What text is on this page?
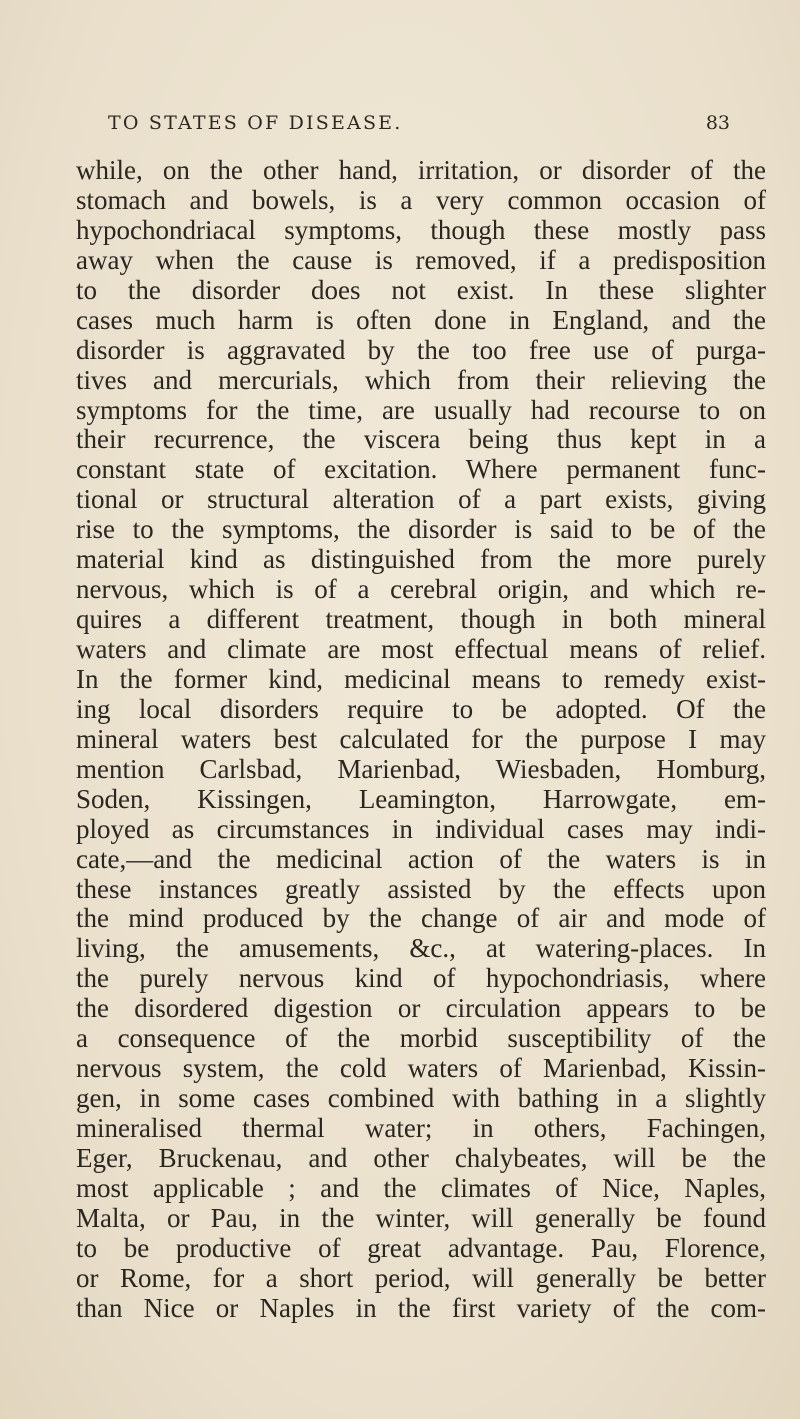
TO STATES OF DISEASE.	83
while, on the other hand, irritation, or disorder of the
stomach and bowels, is a very common occasion of
hypochondriacal symptoms, though these mostly pass
away when the cause is removed, if a predisposition
to the disorder does not exist. In these slighter
cases much harm is often done in England, and the
disorder is aggravated by the too free use of purga-
tives and mercurials, which from their relieving the
symptoms for the time, are usually had recourse to on
their recurrence, the viscera being thus kept in a
constant state of excitation. Where permanent func-
tional or structural alteration of a part exists, giving
rise to the symptoms, the disorder is said to be of the
material kind as distinguished from the more purely
nervous, which is of a cerebral origin, and which re-
quires a different treatment, though in both mineral
waters and climate are most effectual means of relief.
In the former kind, medicinal means to remedy exist-
ing local disorders require to be adopted. Of the
mineral waters best calculated for the purpose I may
mention Carlsbad, Marienbad, Wiesbaden, Homburg,
Soden, Kissingen, Leamington, Harrowgate, em-
ployed as circumstances in individual cases may indi-
cate,—and the medicinal action of the waters is in
these instances greatly assisted by the effects upon
the mind produced by the change of air and mode of
living, the amusements, &c., at watering-places. In
the purely nervous kind of hypochondriasis, where
the disordered digestion or circulation appears to be
a consequence of the morbid susceptibility of the
nervous system, the cold waters of Marienbad, Kissin-
gen, in some cases combined with bathing in a slightly
mineralised thermal water; in others, Fachingen,
Eger, Bruckenau, and other chalybeates, will be the
most applicable ; and the climates of Nice, Naples,
Malta, or Pau, in the winter, will generally be found
to be productive of great advantage. Pau, Florence,
or Rome, for a short period, will generally be better
than Nice or Naples in the first variety of the com-
